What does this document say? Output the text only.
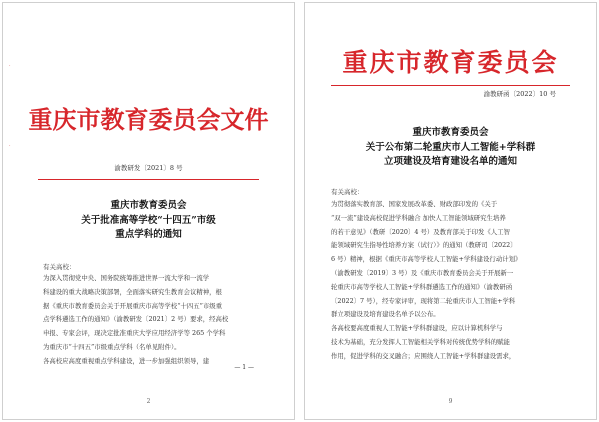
·
·
重庆市教育委员会文件
渝教研发〔2021〕8 号
重庆市教育委员会
关于批准高等学校“十四五”市级
重点学科的通知
有关高校：
为深入贯彻党中央、国务院统筹推进世界一流大学和一流学
科建设的重大战略决策部署，全面落实研究生教育会议精神，根
据《重庆市教育委员会关于开展重庆市高等学校“十四五”市级重
点学科遴选工作的通知》（渝教研发〔2021〕2 号）要求，经高校
申报、专家会评，现决定批准重庆大学应用经济学等 265 个学科
为重庆市“十四五”市级重点学科（名单见附件）。
各高校应高度重视重点学科建设，进一步加强组织领导，建
— 1 —
2
重庆市教育委员会
渝教研函〔2022〕10 号
重庆市教育委员会
关于公布第二轮重庆市人工智能+学科群
立项建设及培育建设名单的通知
有关高校：
为贯彻落实教育部、国家发展改革委、财政部印发的《关于
“双一流”建设高校促进学科融合 加快人工智能领域研究生培养
的若干意见》（教研〔2020〕4 号）及教育部关于印发《人工智
能领域研究生指导性培养方案（试行）》的通知（教研司〔2022〕
6 号）精神，根据《重庆市高等学校人工智能+学科建设行动计划》
（渝教研发〔2019〕3 号）及《重庆市教育委员会关于开展新一
轮重庆市高等学校人工智能+学科群遴选工作的通知》（渝教研函
〔2022〕7 号），经专家评审，现将第二轮重庆市人工智能+学科
群立项建设及培育建设名单予以公布。
各高校要高度重视人工智能+学科群建设，应以计算机科学与
技术为基础，充分发挥人工智能相关学科对传统优势学科的赋能
作用，促进学科的交叉融合；应围绕人工智能+学科群建设需求，
9
